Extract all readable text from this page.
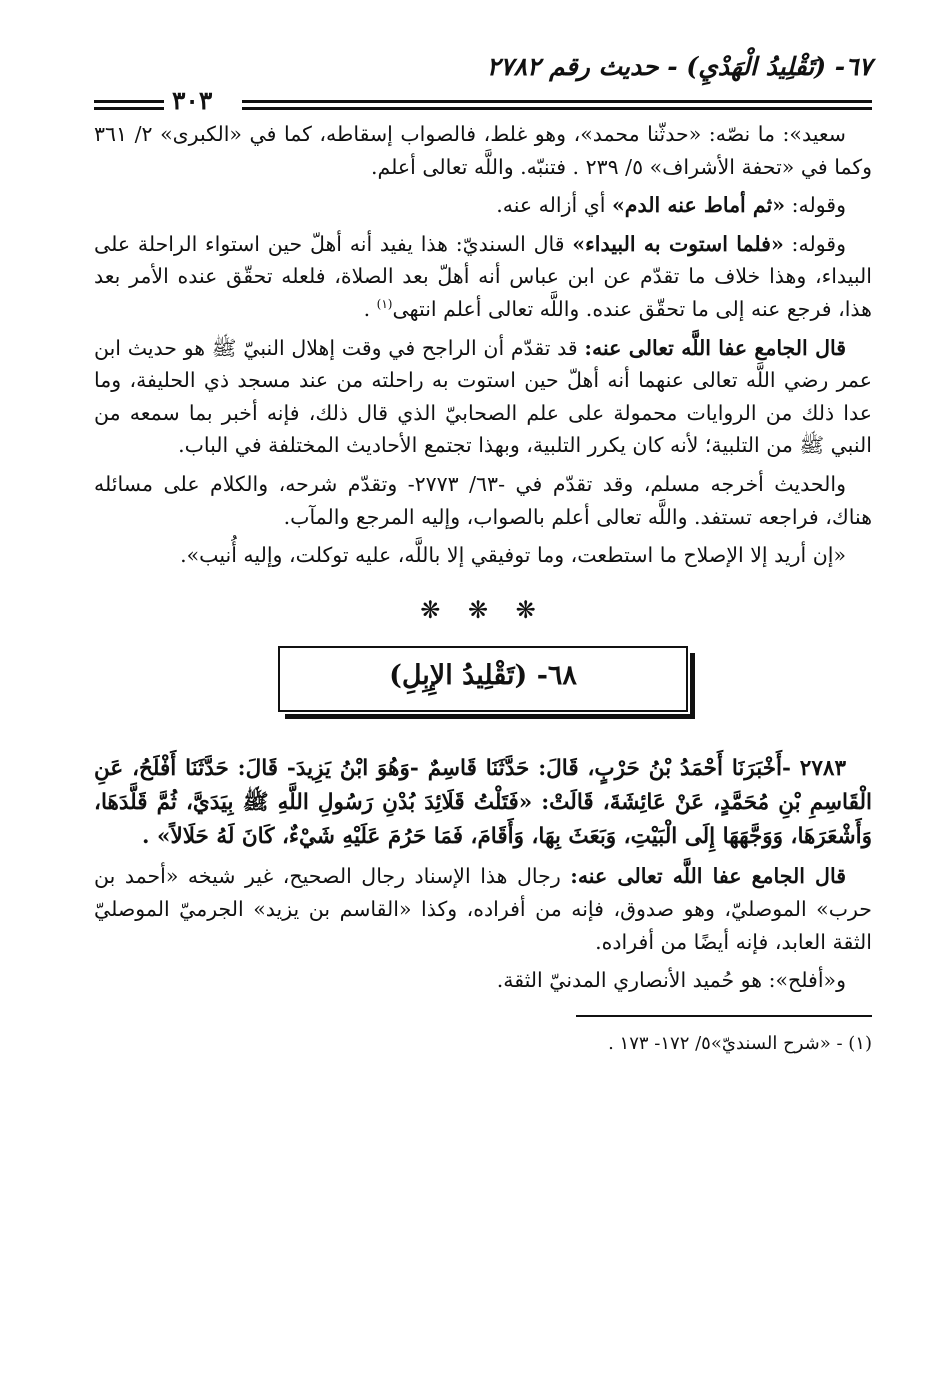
٦٧- (تَقْلِيدُ الْهَدْيِ) - حديث رقم ٢٧٨٢
٣٠٣

سعيد»: ما نصّه: «حدثّنا محمد»، وهو غلط، فالصواب إسقاطه، كما في «الكبرى» ٢/ ٣٦١ وكما في «تحفة الأشراف» ٥/ ٢٣٩ . فتنبّه. واللَّه تعالى أعلم.

وقوله: «ثم أماط عنه الدم» أي أزاله عنه.

وقوله: «فلما استوت به البيداء» قال السنديّ: هذا يفيد أنه أهلّ حين استواء الراحلة على البيداء، وهذا خلاف ما تقدّم عن ابن عباس أنه أهلّ بعد الصلاة، فلعله تحقّق عنده الأمر بعد هذا، فرجع عنه إلى ما تحقّق عنده. واللَّه تعالى أعلم انتهى$^{(١)}$ .

قال الجامع عفا اللَّه تعالى عنه: قد تقدّم أن الراجح في وقت إهلال النبيّ ﷺ هو حديث ابن عمر رضي اللَّه تعالى عنهما أنه أهلّ حين استوت به راحلته من عند مسجد ذي الحليفة، وما عدا ذلك من الروايات محمولة على علم الصحابيّ الذي قال ذلك، فإنه أخبر بما سمعه من النبي ﷺ من التلبية؛ لأنه كان يكرر التلبية، وبهذا تجتمع الأحاديث المختلفة في الباب.

والحديث أخرجه مسلم، وقد تقدّم في -٦٣/ ٢٧٧٣- وتقدّم شرحه، والكلام على مسائله هناك، فراجعه تستفد. واللَّه تعالى أعلم بالصواب، وإليه المرجع والمآب.

«إن أريد إلا الإصلاح ما استطعت، وما توفيقي إلا باللَّه، عليه توكلت، وإليه أُنيب».

❋ ❋ ❋
٦٨- (تَقْلِيدُ الإِبِلِ)

٢٧٨٣ -أَخْبَرَنَا أَحْمَدُ بْنُ حَرْبٍ، قَالَ: حَدَّثَنَا قَاسِمٌ -وَهُوَ ابْنُ يَزِيدَ- قَالَ: حَدَّثَنَا أَفْلَحُ، عَنِ الْقَاسِمِ بْنِ مُحَمَّدٍ، عَنْ عَائِشَةَ، قَالَتْ: «فَتَلْتُ قَلَائِدَ بُدْنِ رَسُولِ اللَّهِ ﷺ بِيَدَيَّ، ثُمَّ قَلَّدَهَا، وَأَشْعَرَهَا، وَوَجَّهَهَا إِلَى الْبَيْتِ، وَبَعَثَ بِهَا، وَأَقَامَ، فَمَا حَرُمَ عَلَيْهِ شَيْءٌ، كَانَ لَهُ حَلَالاً» .

قال الجامع عفا اللَّه تعالى عنه: رجال هذا الإسناد رجال الصحيح، غير شيخه «أحمد بن حرب» الموصليّ، وهو صدوق، فإنه من أفراده، وكذا «القاسم بن يزيد» الجرميّ الموصليّ الثقة العابد، فإنه أيضًا من أفراده.

و«أفلح»: هو حُميد الأنصاري المدنيّ الثقة.

(١) - «شرح السنديّ»٥/ ١٧٢- ١٧٣ .
